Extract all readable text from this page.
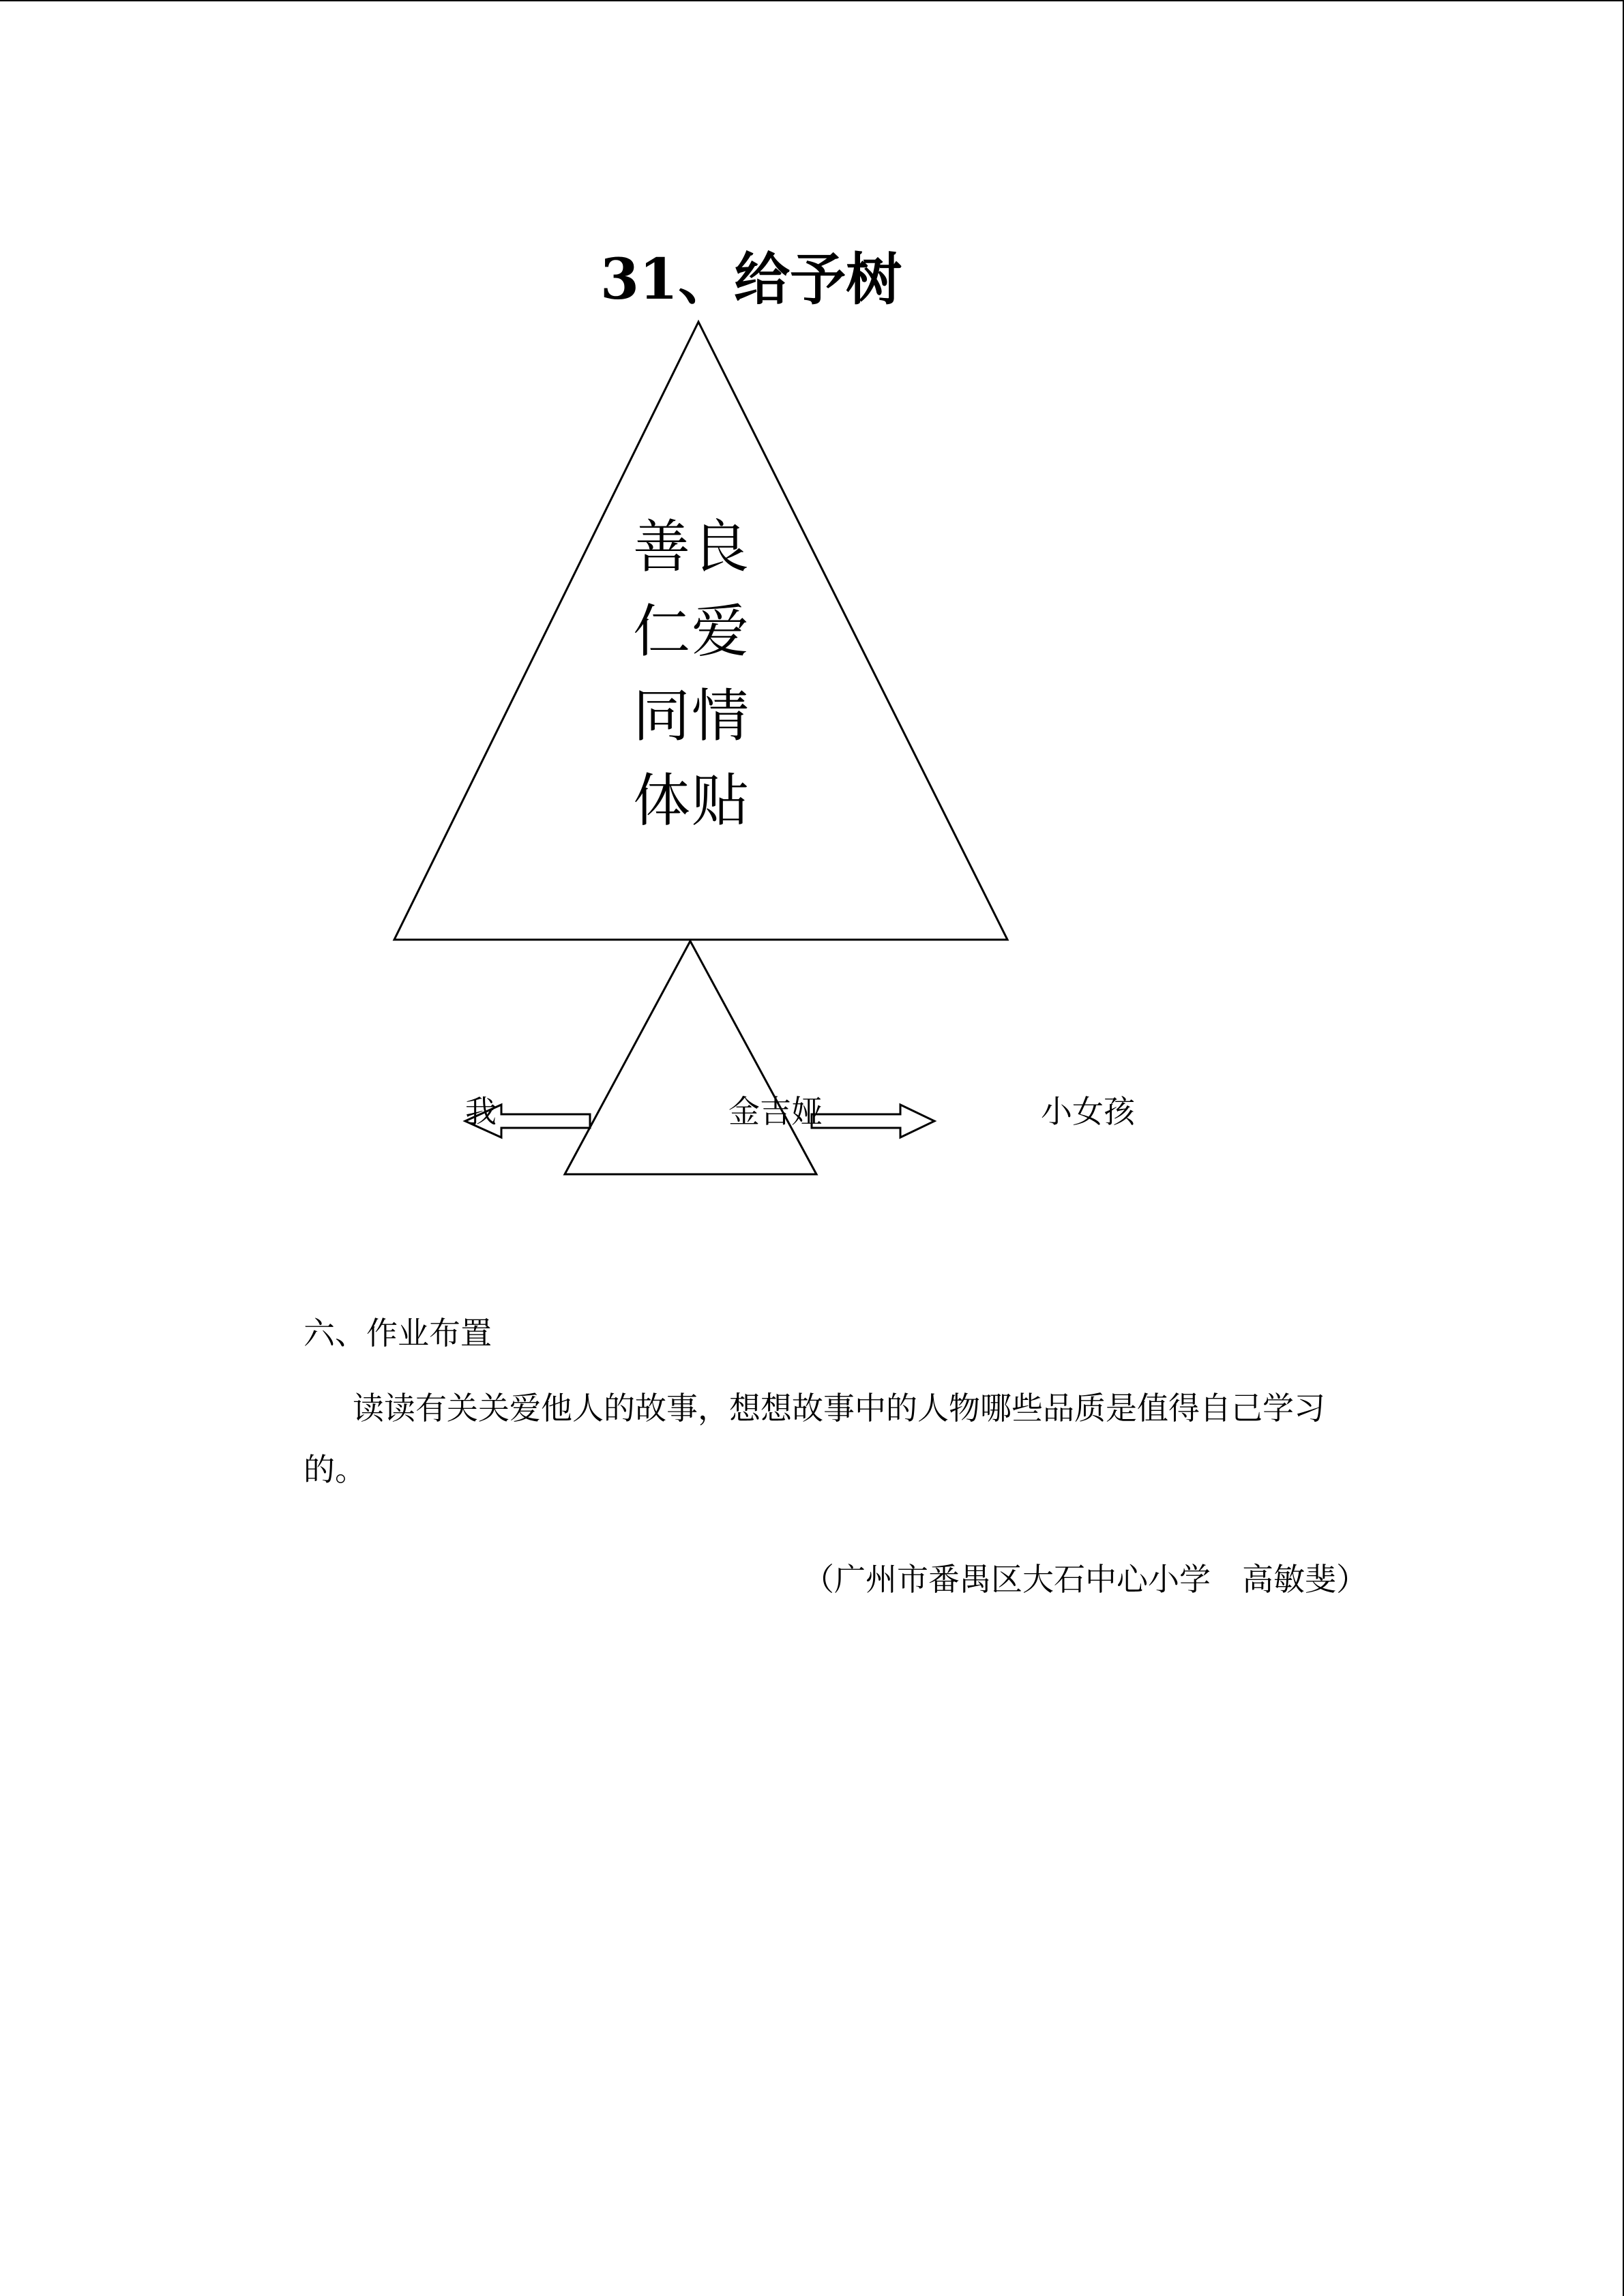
31、给予树
善良
仁爱
同情
体贴
我	金吉娅	小女孩
六、作业布置
读读有关关爱他人的故事，想想故事中的人物哪些品质是值得自己学习的。
（广州市番禺区大石中心小学　高敏斐）
